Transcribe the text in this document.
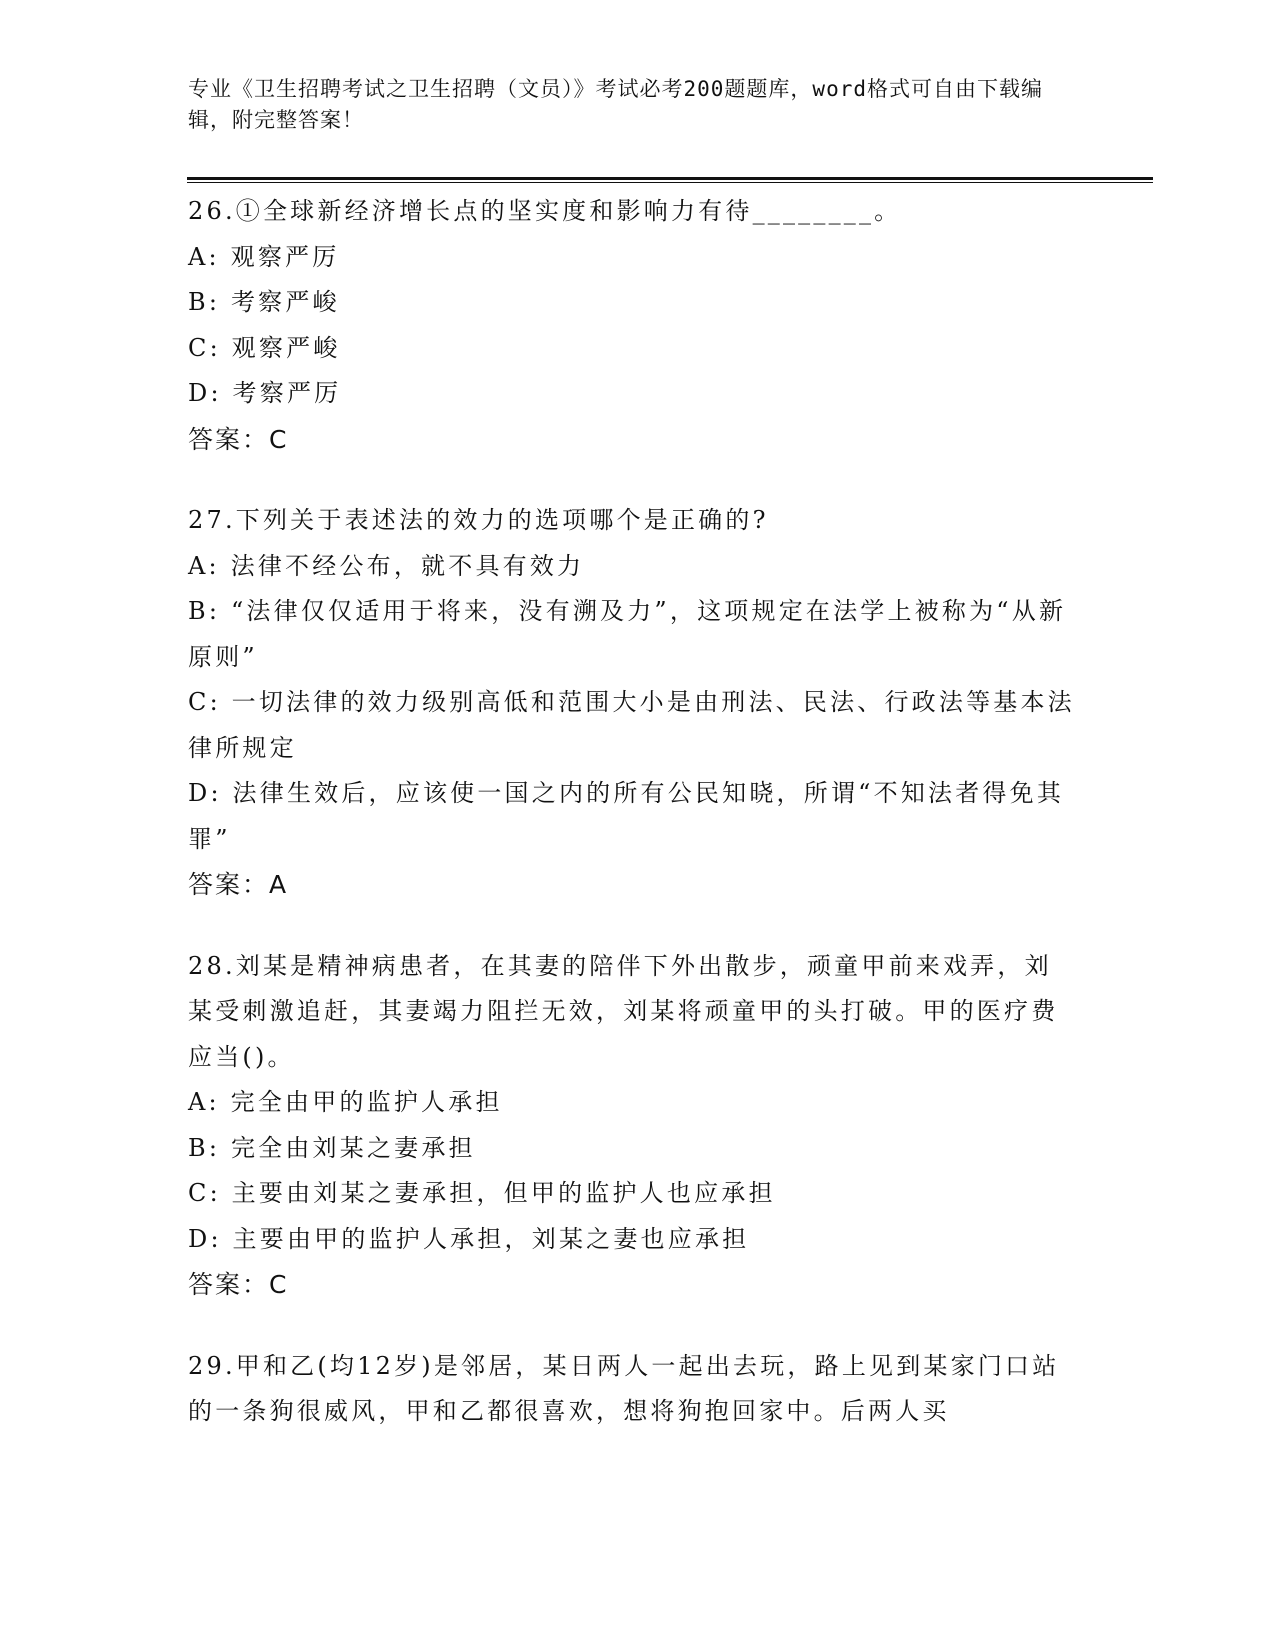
专业《卫生招聘考试之卫生招聘（文员）》考试必考200题题库，word格式可自由下载编辑，附完整答案！
26.①全球新经济增长点的坚实度和影响力有待________。
A: 观察严厉
B: 考察严峻
C: 观察严峻
D: 考察严厉
答案：C
27.下列关于表述法的效力的选项哪个是正确的?
A: 法律不经公布，就不具有效力
B: “法律仅仅适用于将来，没有溯及力”，这项规定在法学上被称为“从新原则”
C: 一切法律的效力级别高低和范围大小是由刑法、民法、行政法等基本法律所规定
D: 法律生效后，应该使一国之内的所有公民知晓，所谓“不知法者得免其罪”
答案：A
28.刘某是精神病患者，在其妻的陪伴下外出散步，顽童甲前来戏弄，刘某受刺激追赶，其妻竭力阻拦无效，刘某将顽童甲的头打破。甲的医疗费应当()。
A: 完全由甲的监护人承担
B: 完全由刘某之妻承担
C: 主要由刘某之妻承担，但甲的监护人也应承担
D: 主要由甲的监护人承担，刘某之妻也应承担
答案：C
29.甲和乙(均12岁)是邻居，某日两人一起出去玩，路上见到某家门口站的一条狗很威风，甲和乙都很喜欢，想将狗抱回家中。后两人买
